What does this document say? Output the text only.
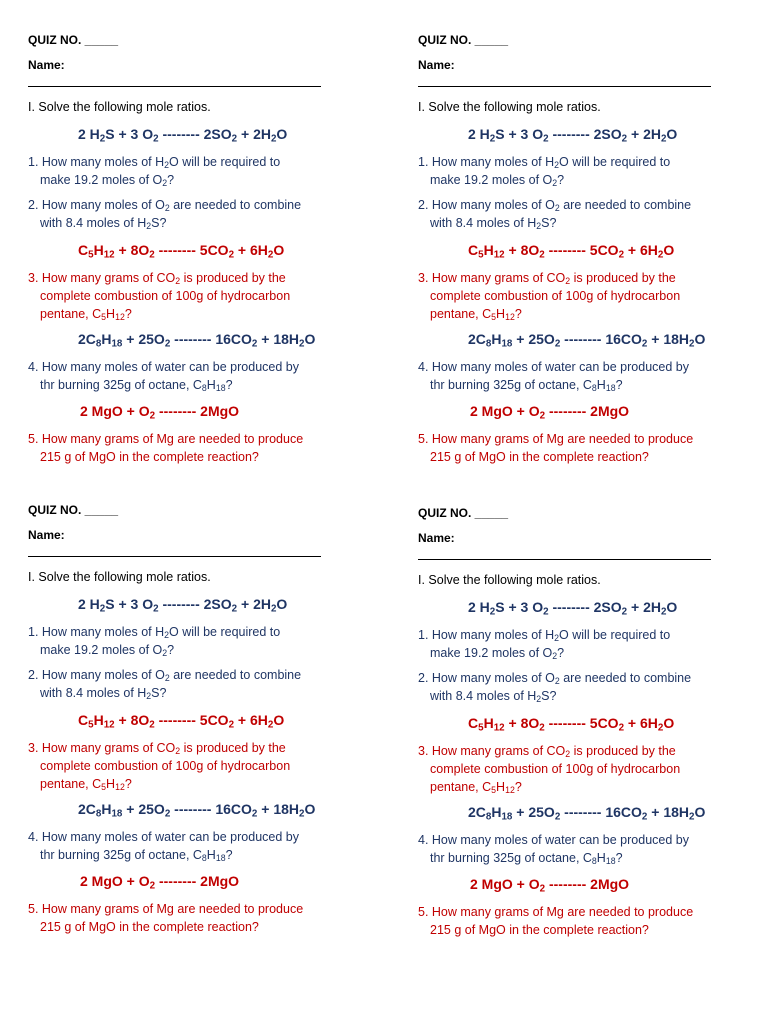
QUIZ NO. _____
Name:
I. Solve the following mole ratios.
2 $H_2S + 3$ $O_2$ -------- $2SO_2 + 2H_2O$
1. How many moles of $H_2O$ will be required to
make 19.2 moles of $O_2$?
2. How many moles of $O_2$ are needed to combine
with 8.4 moles of $H_2S$?
$C_5H_{12} + 8O_2$ -------- $5CO_2 + 6H_2O$
3. How many grams of $CO_2$ is produced by the
complete combustion of 100g of hydrocarbon
pentane, $C_5H_{12}$?
$2C_8H_{18} + 25O_2$ -------- $16CO_2 + 18H_2O$
4. How many moles of water can be produced by
thr burning 325g of octane, $C_8H_{18}$?
2 MgO + $O_2$ -------- 2MgO
5. How many grams of Mg are needed to produce
215 g of MgO in the complete reaction?
QUIZ NO. _____
Name:
I. Solve the following mole ratios.
2 $H_2S + 3$ $O_2$ -------- $2SO_2 + 2H_2O$
1. How many moles of $H_2O$ will be required to
make 19.2 moles of $O_2$?
2. How many moles of $O_2$ are needed to combine
with 8.4 moles of $H_2S$?
$C_5H_{12} + 8O_2$ -------- $5CO_2 + 6H_2O$
3. How many grams of $CO_2$ is produced by the
complete combustion of 100g of hydrocarbon
pentane, $C_5H_{12}$?
$2C_8H_{18} + 25O_2$ -------- $16CO_2 + 18H_2O$
4. How many moles of water can be produced by
thr burning 325g of octane, $C_8H_{18}$?
2 MgO + $O_2$ -------- 2MgO
5. How many grams of Mg are needed to produce
215 g of MgO in the complete reaction?
QUIZ NO. _____
Name:
I. Solve the following mole ratios.
2 $H_2S + 3$ $O_2$ -------- $2SO_2 + 2H_2O$
1. How many moles of $H_2O$ will be required to
make 19.2 moles of $O_2$?
2. How many moles of $O_2$ are needed to combine
with 8.4 moles of $H_2S$?
$C_5H_{12} + 8O_2$ -------- $5CO_2 + 6H_2O$
3. How many grams of $CO_2$ is produced by the
complete combustion of 100g of hydrocarbon
pentane, $C_5H_{12}$?
$2C_8H_{18} + 25O_2$ -------- $16CO_2 + 18H_2O$
4. How many moles of water can be produced by
thr burning 325g of octane, $C_8H_{18}$?
2 MgO + $O_2$ -------- 2MgO
5. How many grams of Mg are needed to produce
215 g of MgO in the complete reaction?
QUIZ NO. _____
Name:
I. Solve the following mole ratios.
2 $H_2S + 3$ $O_2$ -------- $2SO_2 + 2H_2O$
1. How many moles of $H_2O$ will be required to
make 19.2 moles of $O_2$?
2. How many moles of $O_2$ are needed to combine
with 8.4 moles of $H_2S$?
$C_5H_{12} + 8O_2$ -------- $5CO_2 + 6H_2O$
3. How many grams of $CO_2$ is produced by the
complete combustion of 100g of hydrocarbon
pentane, $C_5H_{12}$?
$2C_8H_{18} + 25O_2$ -------- $16CO_2 + 18H_2O$
4. How many moles of water can be produced by
thr burning 325g of octane, $C_8H_{18}$?
2 MgO + $O_2$ -------- 2MgO
5. How many grams of Mg are needed to produce
215 g of MgO in the complete reaction?
